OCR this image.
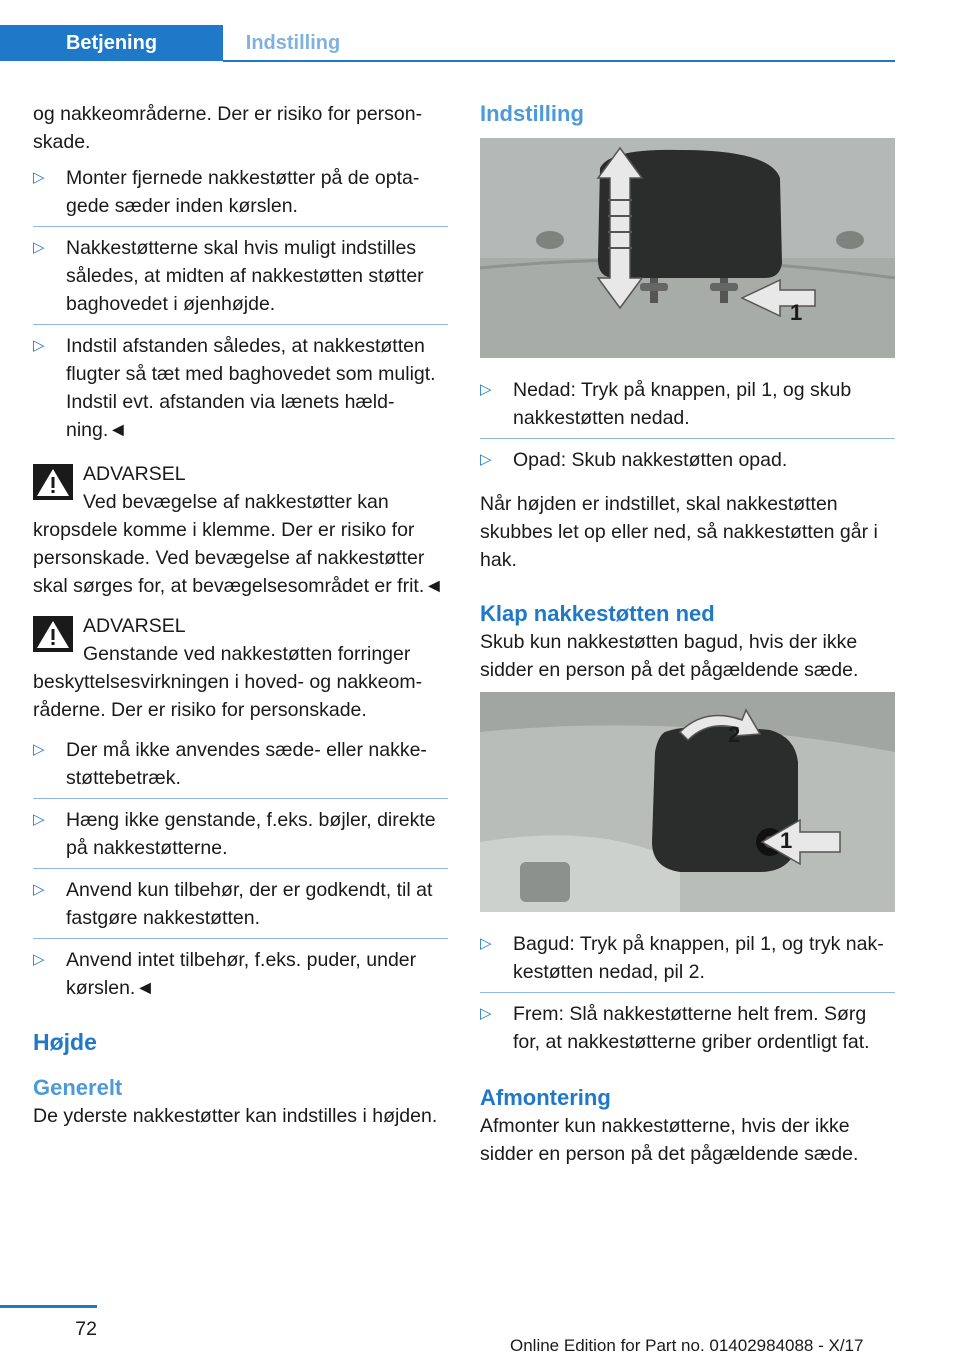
Betjening	Indstilling

og nakkeområderne. Der er risiko for personskade.

▷ Monter fjernede nakkestøtter på de optagede sæder inden kørslen.
▷ Nakkestøtterne skal hvis muligt indstilles således, at midten af nakkestøtten støtter baghovedet i øjenhøjde.
▷ Indstil afstanden således, at nakkestøtten flugter så tæt med baghovedet som muligt. Indstil evt. afstanden via lænets hældning.◄
ADVARSEL
Ved bevægelse af nakkestøtter kan
kropsdele komme i klemme. Der er risiko for personskade. Ved bevægelse af nakkestøtter skal sørges for, at bevægelsesområdet er frit.◄
ADVARSEL
Genstande ved nakkestøtten forringer
beskyttelsesvirkningen i hoved- og nakkeområderne. Der er risiko for personskade.
▷ Der må ikke anvendes sæde- eller nakkestøttebetræk.
▷ Hæng ikke genstande, f.eks. bøjler, direkte på nakkestøtterne.
▷ Anvend kun tilbehør, der er godkendt, til at fastgøre nakkestøtten.
▷ Anvend intet tilbehør, f.eks. puder, under kørslen.◄
Højde
Generelt

De yderste nakkestøtter kan indstilles i højden.

Indstilling
1
▷ Nedad: Tryk på knappen, pil 1, og skub nakkestøtten nedad.
▷ Opad: Skub nakkestøtten opad.

Når højden er indstillet, skal nakkestøtten skubbes let op eller ned, så nakkestøtten går i hak.

Klap nakkestøtten ned

Skub kun nakkestøtten bagud, hvis der ikke sidder en person på det pågældende sæde.

2
1
▷ Bagud: Tryk på knappen, pil 1, og tryk nakkestøtten nedad, pil 2.
▷ Frem: Slå nakkestøtterne helt frem. Sørg for, at nakkestøtterne griber ordentligt fat.
Afmontering

Afmonter kun nakkestøtterne, hvis der ikke sidder en person på det pågældende sæde.

72
Online Edition for Part no. 01402984088 - X/17
